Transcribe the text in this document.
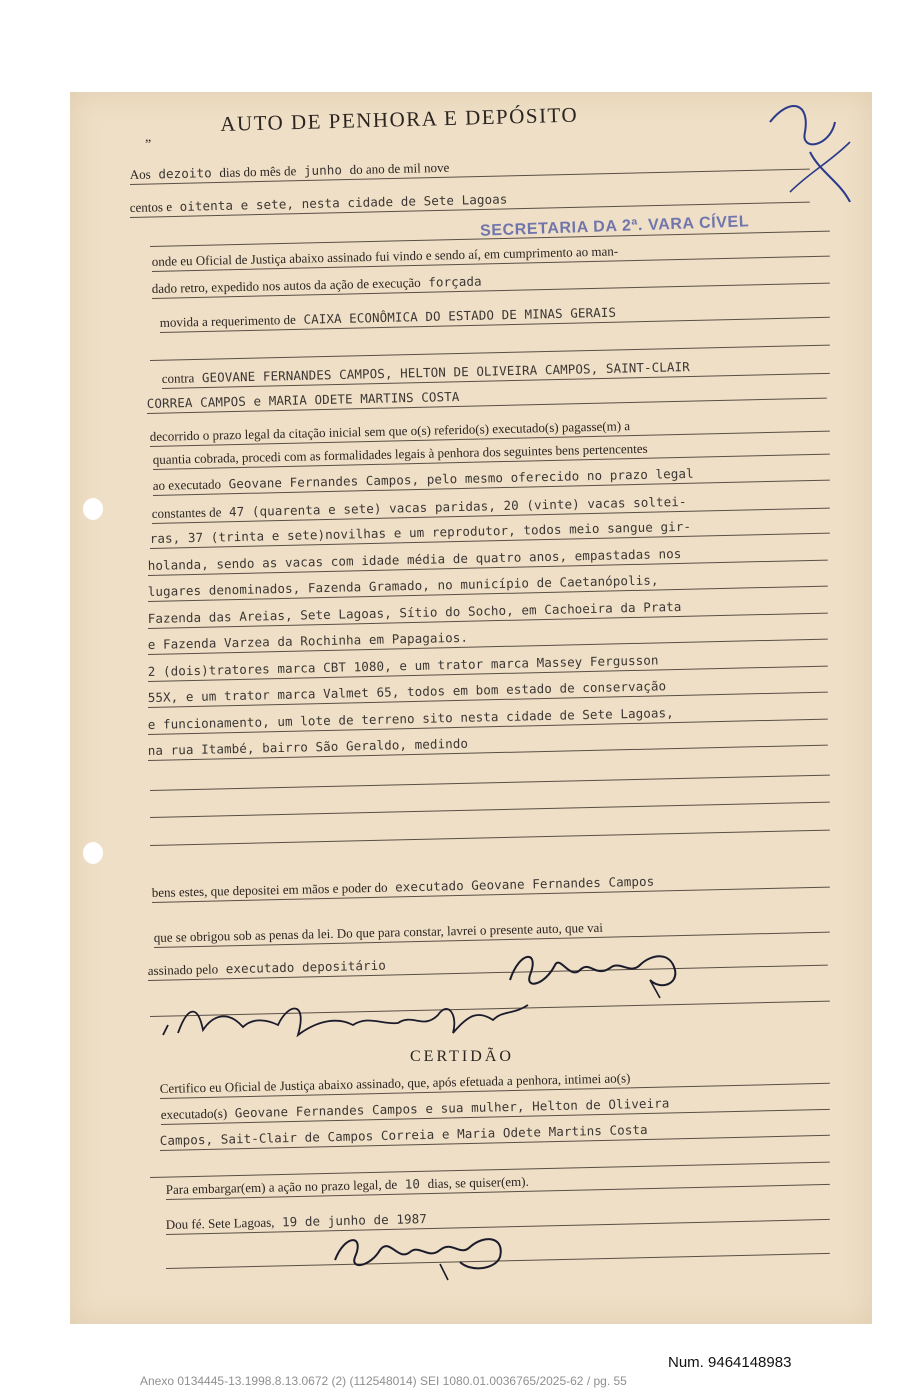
„
AUTO DE PENHORA E DEPÓSITO
SECRETARIA DA 2ª. VARA CÍVEL
Aos dezoito dias do mês de junho do ano de mil nove
centos e oitenta e sete, nesta cidade de Sete Lagoas
onde eu Oficial de Justiça abaixo assinado fui vindo e sendo aí, em cumprimento ao man-
dado retro, expedido nos autos da ação de execução forçada
movida a requerimento de CAIXA ECONÔMICA DO ESTADO DE MINAS GERAIS
contra GEOVANE FERNANDES CAMPOS, HELTON DE OLIVEIRA CAMPOS, SAINT-CLAIR
CORREA CAMPOS e MARIA ODETE MARTINS COSTA
decorrido o prazo legal da citação inicial sem que o(s) referido(s) executado(s) pagasse(m) a
quantia cobrada, procedi com as formalidades legais à penhora dos seguintes bens pertencentes
ao executado Geovane Fernandes Campos, pelo mesmo oferecido no prazo legal
constantes de 47 (quarenta e sete) vacas paridas, 20 (vinte) vacas soltei-
ras, 37 (trinta e sete)novilhas e um reprodutor, todos meio sangue gir-
holanda, sendo as vacas com idade média de quatro anos, empastadas nos
lugares denominados, Fazenda Gramado, no município de Caetanópolis,
Fazenda das Areias, Sete Lagoas, Sítio do Socho, em Cachoeira da Prata
e Fazenda Varzea da Rochinha em Papagaios.
2 (dois)tratores marca CBT 1080, e um trator marca Massey Fergusson
55X, e um trator marca Valmet 65, todos em bom estado de conservação
e funcionamento, um lote de terreno sito nesta cidade de Sete Lagoas,
na rua Itambé, bairro São Geraldo, medindo
bens estes, que depositei em mãos e poder do executado Geovane Fernandes Campos
que se obrigou sob as penas da lei. Do que para constar, lavrei o presente auto, que vai
assinado pelo executado depositário
Certifico eu Oficial de Justiça abaixo assinado, que, após efetuada a penhora, intimei ao(s)
executado(s) Geovane Fernandes Campos e sua mulher, Helton de Oliveira
Campos, Sait-Clair de Campos Correia e Maria Odete Martins Costa
Para embargar(em) a ação no prazo legal, de 10 dias, se quiser(em).
Dou fé. Sete Lagoas, 19 de junho de 1987
CERTIDÃO
Num. 9464148983
Anexo 0134445-13.1998.8.13.0672 (2) (112548014) SEI 1080.01.0036765/2025-62 / pg. 55
